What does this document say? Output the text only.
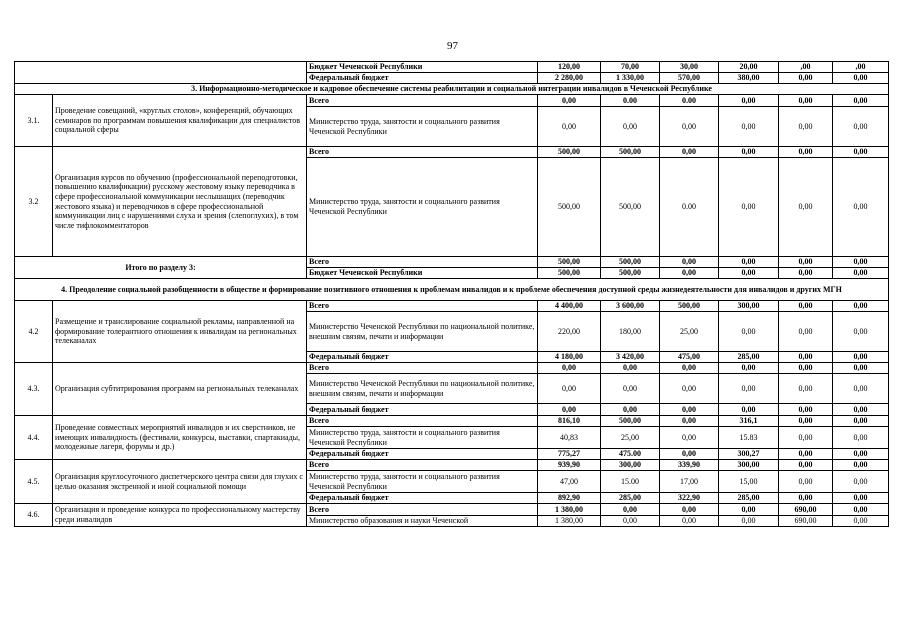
97
		Бюджет Чеченской Республики	120,00	70,00	30,00	20,00	,00	,00
		Федеральный бюджет	2 280,00	1 330,00	570,00	380,00	0,00	0,00
3. Информационно-методическое и кадровое обеспечение системы реабилитации и социальной интеграции инвалидов в Чеченской Республике								
3.1.	Проведение совещаний, «круглых столов», конференций, обучающих семинаров по программам повышения квалификации для специалистов социальной сферы	Всего	0,00	0.00	0.00	0,00	0,00	0,00
		Министерство труда, занятости и социального развития Чеченской Республики	0,00	0,00	0,00	0,00	0,00	0,00
3.2	Организация курсов по обучению (профессиональной переподготовки, повышению квалификации) русскому жестовому языку переводчика в сфере профессиональной коммуникации неслышащих (переводчик жестового языка) и переводчиков в сфере профессиональной коммуникации лиц с нарушениями слуха и зрения (слепоглухих), в том числе тифлокомментаторов	Всего	500,00	500,00	0,00	0,00	0,00	0,00
		Министерство труда, занятости и социального развития Чеченской Республики	500,00	500,00	0.00	0,00	0,00	0,00
Итого по разделу 3:		Всего	500,00	500,00	0,00	0,00	0,00	0,00
		Бюджет Чеченской Республики	500,00	500,00	0,00	0,00	0,00	0,00
4. Преодоление социальной разобщенности в обществе и формирование позитивного отношения к проблемам инвалидов и к проблеме обеспечения доступной среды жизнедеятельности для инвалидов и других МГН								
4.2	Размещение и транслирование социальной рекламы, направленной на формирование толерантного отношения к инвалидам на региональных телеканалах	Всего	4 400,00	3 600,00	500,00	300,00	0,00	0,00
		Министерство Чеченской Республики по национальной политике, внешним связям, печати и информации	220,00	180,00	25,00	0,00	0,00	0,00
		Федеральный бюджет	4 180,00	3 420,00	475,00	285,00	0,00	0,00
4.3.	Организация субтитрирования программ на региональных телеканалах	Всего	0,00	0,00	0,00	0,00	0,00	0,00
		Министерство Чеченской Республики по национальной политике, внешним связям, печати и информации	0,00	0,00	0,00	0,00	0,00	0,00
		Федеральный бюджет	0,00	0,00	0,00	0,00	0,00	0,00
4.4.	Проведение совместных мероприятий инвалидов и их сверстников, не имеющих инвалидность (фестивали, конкурсы, выставки, спартакиады, молодежные лагеря, форумы и др.)	Всего	816,10	500,00	0,00	316,1	0,00	0,00
		Министерство труда, занятости и социального развития Чеченской Республики	40,83	25,00	0,00	15.83	0,00	0,00
		Федеральный бюджет	775,27	475.00	0,00	300,27	0,00	0,00
4.5.	Организация круглосуточного диспетчерского центра связи для глухих с целью оказания экстренной и иной социальной помощи	Всего	939,90	300,00	339,90	300,00	0,00	0,00
		Министерство труда, занятости и социального развития Чеченской Республики	47,00	15.00	17,00	15,00	0,00	0,00
		Федеральный бюджет	892,90	285,00	322,90	285,00	0,00	0,00
4.6.	Организация и проведение конкурса по профессиональному мастерству среди инвалидов	Всего	1 380,00	0,00	0,00	0,00	690,00	0,00
		Министерство образования и науки Чеченской	1 380,00	0,00	0,00	0,00	690,00	0,00
